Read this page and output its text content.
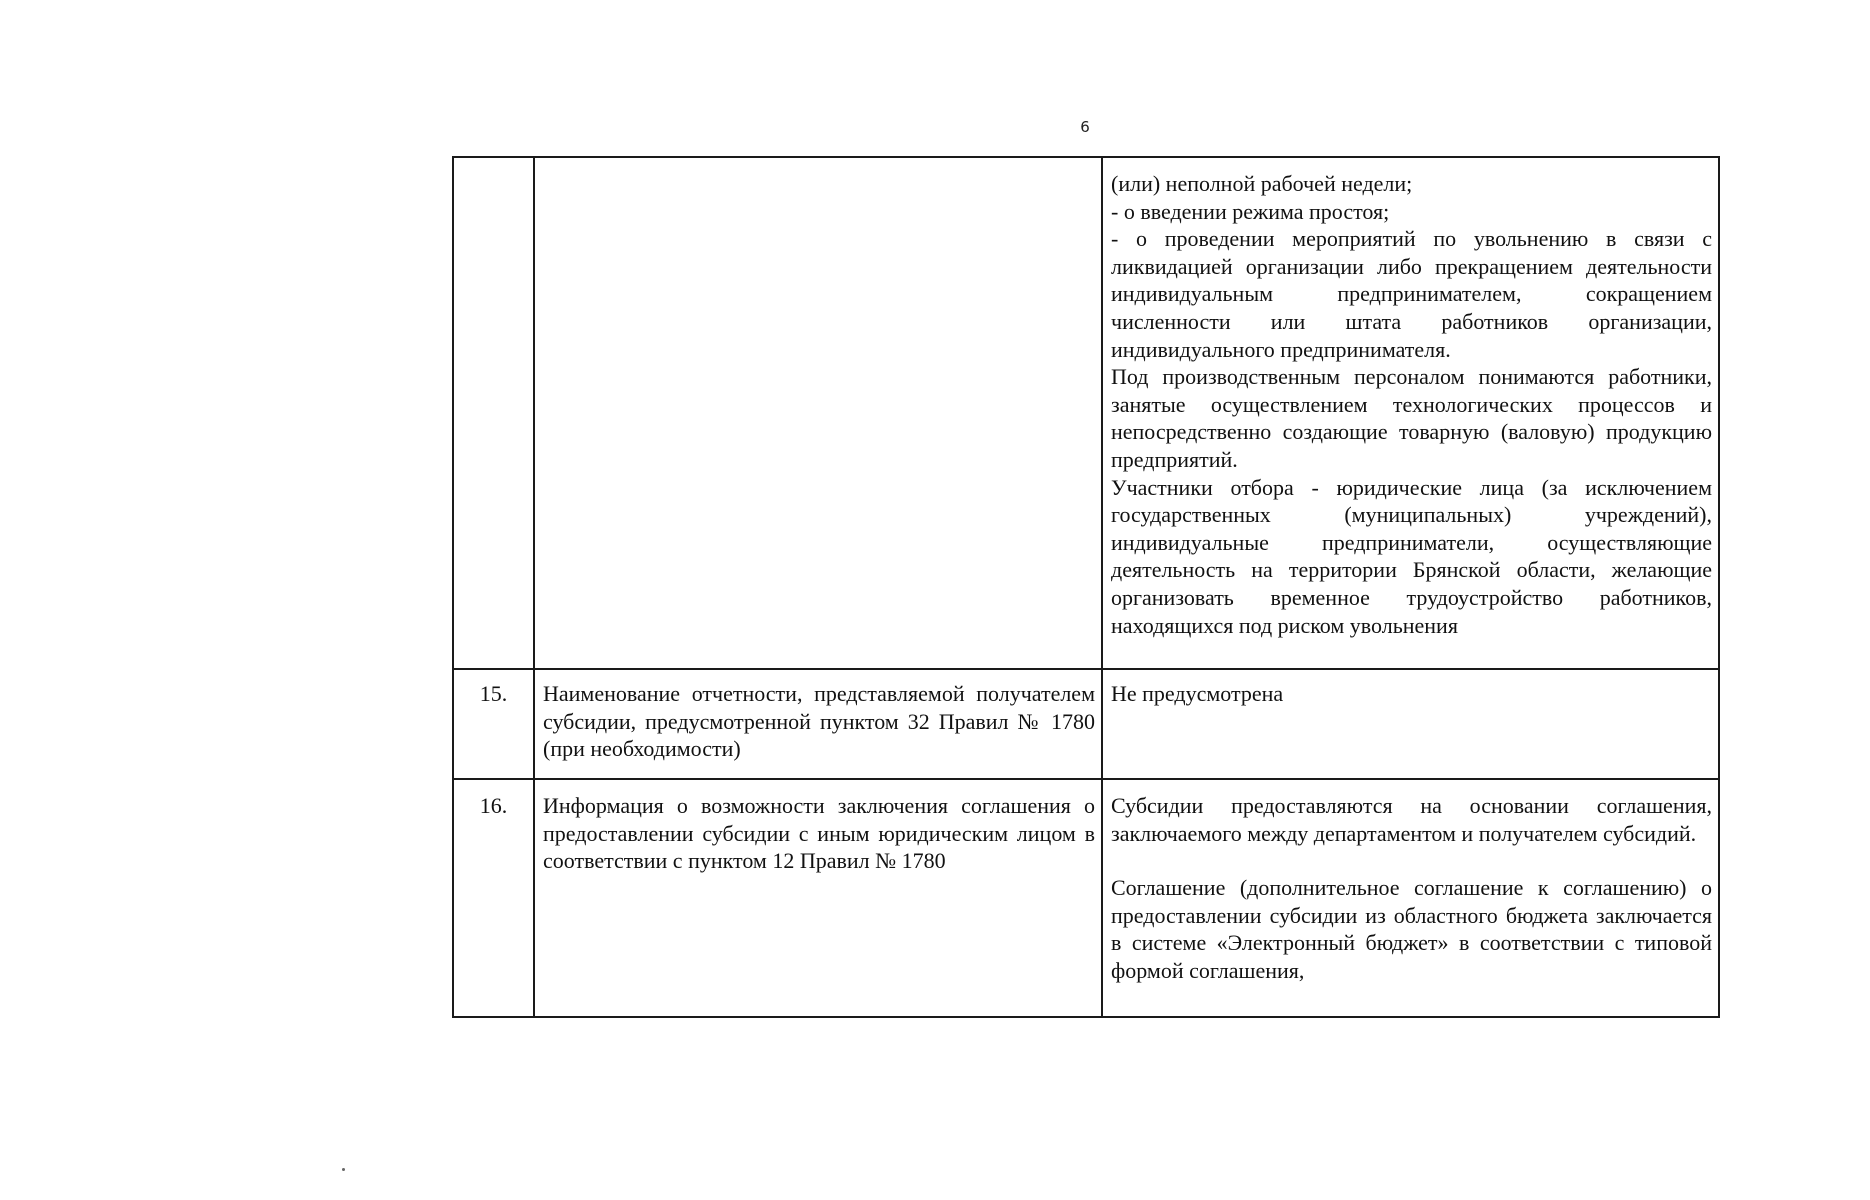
6

		(или) неполной рабочей недели;
- о введении режима простоя;
- о проведении мероприятий по увольнению в связи с ликвидацией организации либо прекращением деятельности индивидуальным предпринимателем, сокращением численности или штата работников организации, индивидуального предпринимателя.
Под производственным персоналом понимаются работники, занятые осуществлением технологических процессов и непосредственно создающие товарную (валовую) продукцию предприятий.
Участники отбора - юридические лица (за исключением государственных (муниципальных) учреждений), индивидуальные предприниматели, осуществляющие деятельность на территории Брянской области, желающие организовать временное трудоустройство работников, находящихся под риском увольнения

15.	Наименование отчетности, представляемой получателем субсидии, предусмотренной пунктом 32 Правил № 1780 (при необходимости)	Не предусмотрена

16.	Информация о возможности заключения соглашения о предоставлении субсидии с иным юридическим лицом в соответствии с пунктом 12 Правил № 1780	Субсидии предоставляются на основании соглашения, заключаемого между департаментом и получателем субсидий.
Соглашение (дополнительное соглашение к соглашению) о предоставлении субсидии из областного бюджета заключается в системе «Электронный бюджет» в соответствии с типовой формой соглашения,
